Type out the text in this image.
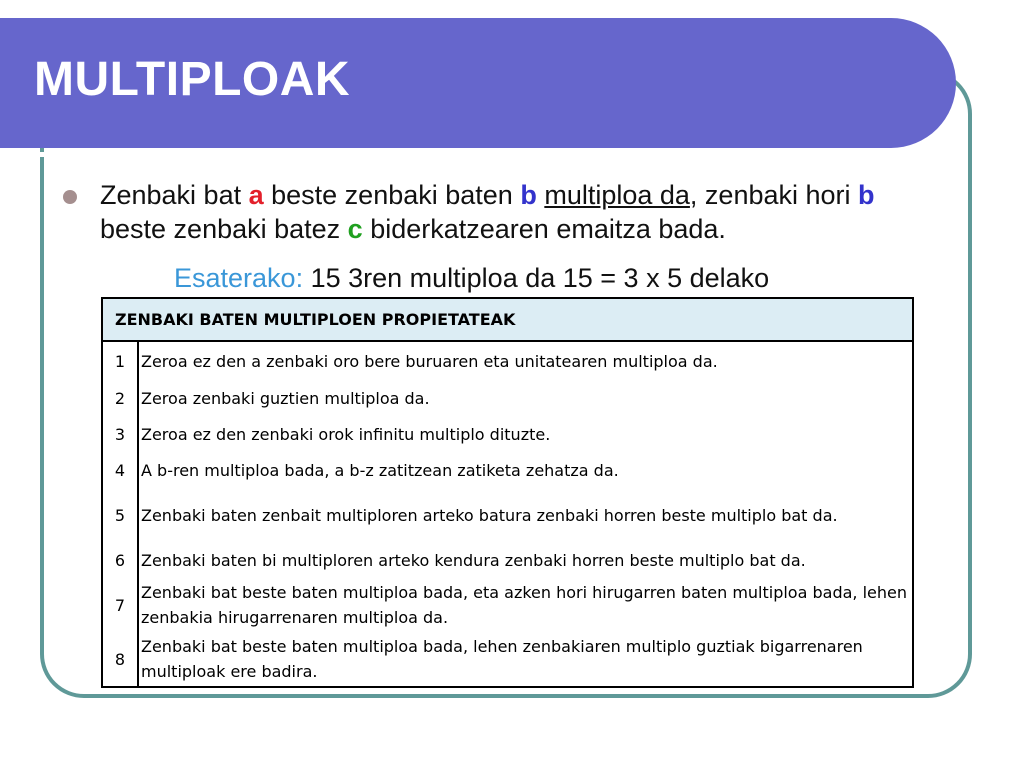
MULTIPLOAK
Zenbaki bat a beste zenbaki baten b multiploa da, zenbaki hori b beste zenbaki batez c biderkatzearen emaitza bada.
Esaterako: 15 3ren multiploa da 15 = 3 x 5 delako
ZENBAKI BATEN MULTIPLOEN PROPIETATEAK	
1	Zeroa ez den a zenbaki oro bere buruaren eta unitatearen multiploa da.
2	Zeroa zenbaki guztien multiploa da.
3	Zeroa ez den zenbaki orok infinitu multiplo dituzte.
4	A b-ren multiploa bada, a b-z zatitzean zatiketa zehatza da.
5	Zenbaki baten zenbait multiploren arteko batura zenbaki horren beste multiplo bat da.
6	Zenbaki baten bi multiploren arteko kendura zenbaki horren beste multiplo bat da.
7	Zenbaki bat beste baten multiploa bada, eta azken hori hirugarren baten multiploa bada, lehen zenbakia hirugarrenaren multiploa da.
8	Zenbaki bat beste baten multiploa bada, lehen zenbakiaren multiplo guztiak bigarrenaren multiploak ere badira.
